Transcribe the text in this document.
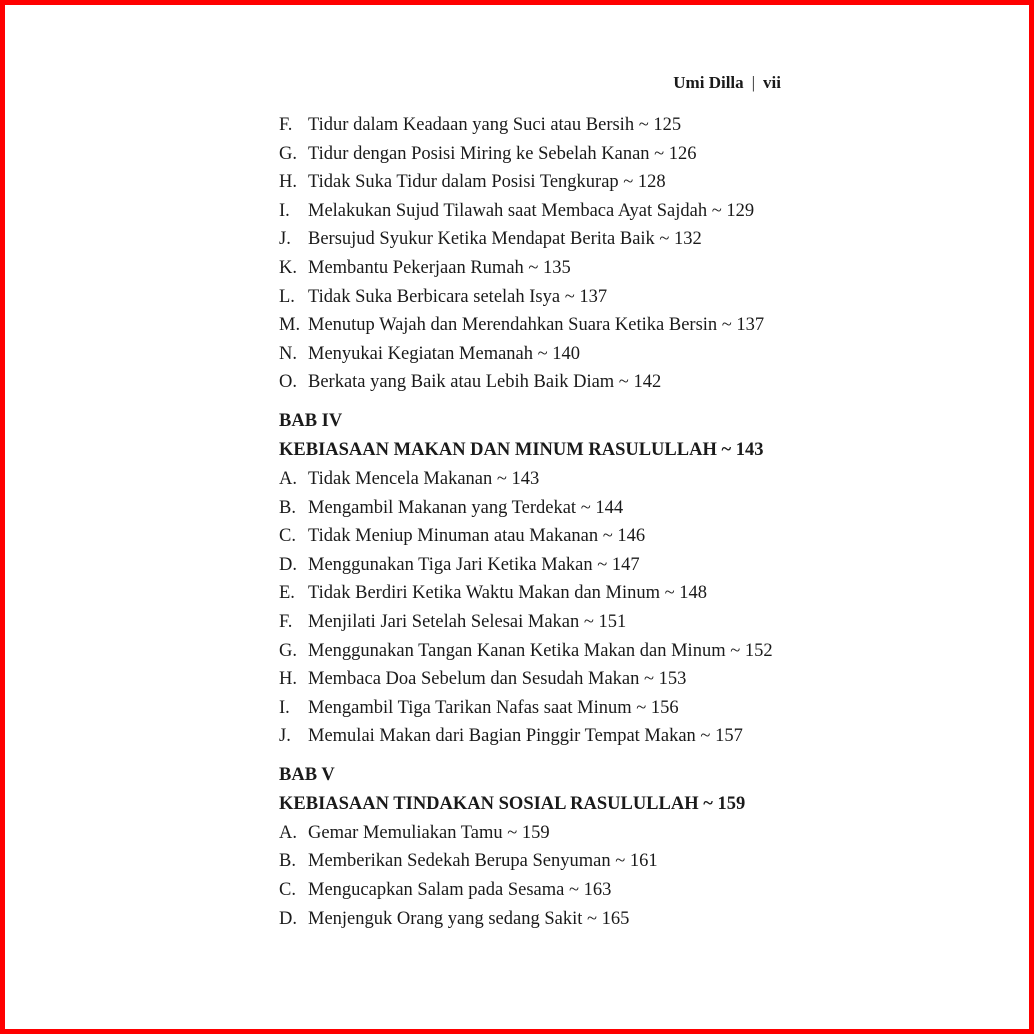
Umi Dilla | vii
F. Tidur dalam Keadaan yang Suci atau Bersih ~ 125
G. Tidur dengan Posisi Miring ke Sebelah Kanan ~ 126
H. Tidak Suka Tidur dalam Posisi Tengkurap ~ 128
I. Melakukan Sujud Tilawah saat Membaca Ayat Sajdah ~ 129
J. Bersujud Syukur Ketika Mendapat Berita Baik ~ 132
K. Membantu Pekerjaan Rumah ~ 135
L. Tidak Suka Berbicara setelah Isya ~ 137
M. Menutup Wajah dan Merendahkan Suara Ketika Bersin ~ 137
N. Menyukai Kegiatan Memanah ~ 140
O. Berkata yang Baik atau Lebih Baik Diam ~ 142
BAB IV
KEBIASAAN MAKAN DAN MINUM RASULULLAH ~ 143
A. Tidak Mencela Makanan ~ 143
B. Mengambil Makanan yang Terdekat ~ 144
C. Tidak Meniup Minuman atau Makanan ~ 146
D. Menggunakan Tiga Jari Ketika Makan ~ 147
E. Tidak Berdiri Ketika Waktu Makan dan Minum ~ 148
F. Menjilati Jari Setelah Selesai Makan ~ 151
G. Menggunakan Tangan Kanan Ketika Makan dan Minum ~ 152
H. Membaca Doa Sebelum dan Sesudah Makan ~ 153
I. Mengambil Tiga Tarikan Nafas saat Minum ~ 156
J. Memulai Makan dari Bagian Pinggir Tempat Makan ~ 157
BAB V
KEBIASAAN TINDAKAN SOSIAL RASULULLAH ~ 159
A. Gemar Memuliakan Tamu ~ 159
B. Memberikan Sedekah Berupa Senyuman ~ 161
C. Mengucapkan Salam pada Sesama ~ 163
D. Menjenguk Orang yang sedang Sakit ~ 165
